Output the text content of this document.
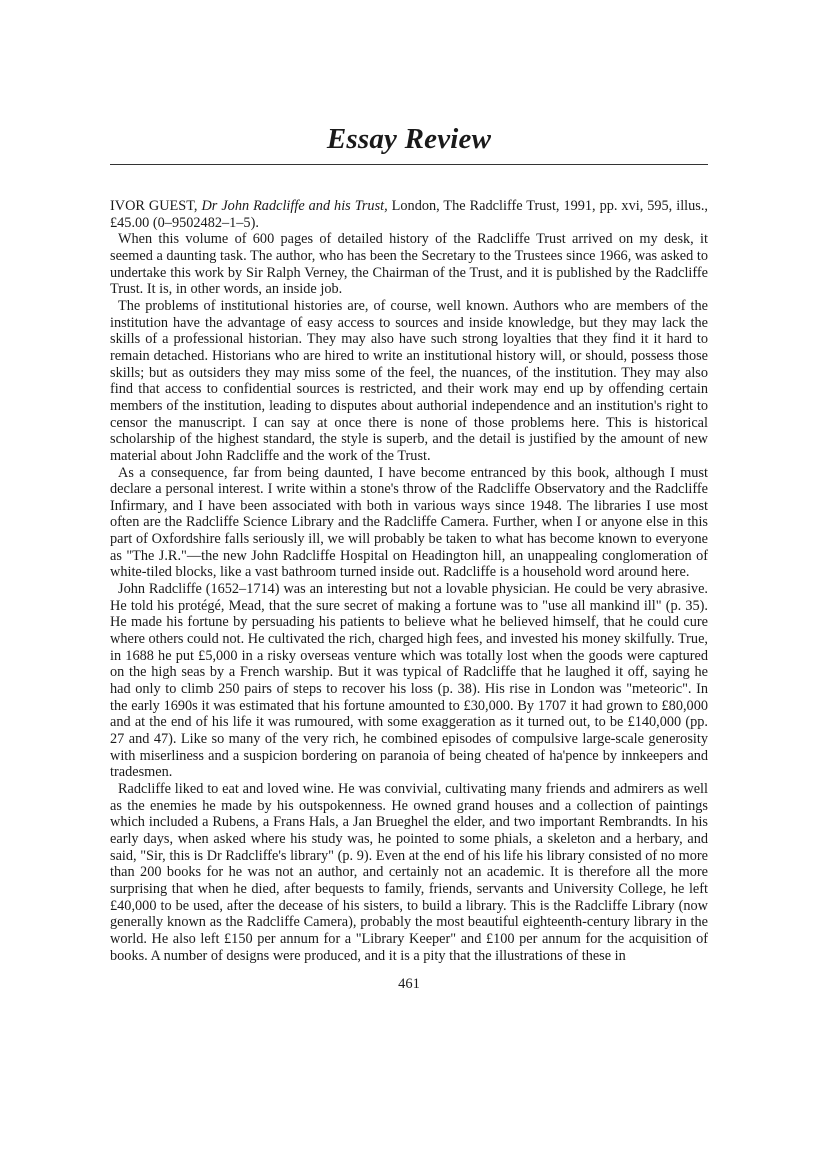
Essay Review

IVOR GUEST, Dr John Radcliffe and his Trust, London, The Radcliffe Trust, 1991, pp. xvi, 595, illus., £45.00 (0–9502482–1–5).

When this volume of 600 pages of detailed history of the Radcliffe Trust arrived on my desk, it seemed a daunting task. The author, who has been the Secretary to the Trustees since 1966, was asked to undertake this work by Sir Ralph Verney, the Chairman of the Trust, and it is published by the Radcliffe Trust. It is, in other words, an inside job.

The problems of institutional histories are, of course, well known. Authors who are members of the institution have the advantage of easy access to sources and inside knowledge, but they may lack the skills of a professional historian. They may also have such strong loyalties that they find it it hard to remain detached. Historians who are hired to write an institutional history will, or should, possess those skills; but as outsiders they may miss some of the feel, the nuances, of the institution. They may also find that access to confidential sources is restricted, and their work may end up by offending certain members of the institution, leading to disputes about authorial independence and an institution's right to censor the manuscript. I can say at once there is none of those problems here. This is historical scholarship of the highest standard, the style is superb, and the detail is justified by the amount of new material about John Radcliffe and the work of the Trust.

As a consequence, far from being daunted, I have become entranced by this book, although I must declare a personal interest. I write within a stone's throw of the Radcliffe Observatory and the Radcliffe Infirmary, and I have been associated with both in various ways since 1948. The libraries I use most often are the Radcliffe Science Library and the Radcliffe Camera. Further, when I or anyone else in this part of Oxfordshire falls seriously ill, we will probably be taken to what has become known to everyone as "The J.R."—the new John Radcliffe Hospital on Headington hill, an unappealing conglomeration of white-tiled blocks, like a vast bathroom turned inside out. Radcliffe is a household word around here.

John Radcliffe (1652–1714) was an interesting but not a lovable physician. He could be very abrasive. He told his protégé, Mead, that the sure secret of making a fortune was to "use all mankind ill" (p. 35). He made his fortune by persuading his patients to believe what he believed himself, that he could cure where others could not. He cultivated the rich, charged high fees, and invested his money skilfully. True, in 1688 he put £5,000 in a risky overseas venture which was totally lost when the goods were captured on the high seas by a French warship. But it was typical of Radcliffe that he laughed it off, saying he had only to climb 250 pairs of steps to recover his loss (p. 38). His rise in London was "meteoric". In the early 1690s it was estimated that his fortune amounted to £30,000. By 1707 it had grown to £80,000 and at the end of his life it was rumoured, with some exaggeration as it turned out, to be £140,000 (pp. 27 and 47). Like so many of the very rich, he combined episodes of compulsive large-scale generosity with miserliness and a suspicion bordering on paranoia of being cheated of ha'pence by innkeepers and tradesmen.

Radcliffe liked to eat and loved wine. He was convivial, cultivating many friends and admirers as well as the enemies he made by his outspokenness. He owned grand houses and a collection of paintings which included a Rubens, a Frans Hals, a Jan Brueghel the elder, and two important Rembrandts. In his early days, when asked where his study was, he pointed to some phials, a skeleton and a herbary, and said, "Sir, this is Dr Radcliffe's library" (p. 9). Even at the end of his life his library consisted of no more than 200 books for he was not an author, and certainly not an academic. It is therefore all the more surprising that when he died, after bequests to family, friends, servants and University College, he left £40,000 to be used, after the decease of his sisters, to build a library. This is the Radcliffe Library (now generally known as the Radcliffe Camera), probably the most beautiful eighteenth-century library in the world. He also left £150 per annum for a "Library Keeper" and £100 per annum for the acquisition of books. A number of designs were produced, and it is a pity that the illustrations of these in

461
